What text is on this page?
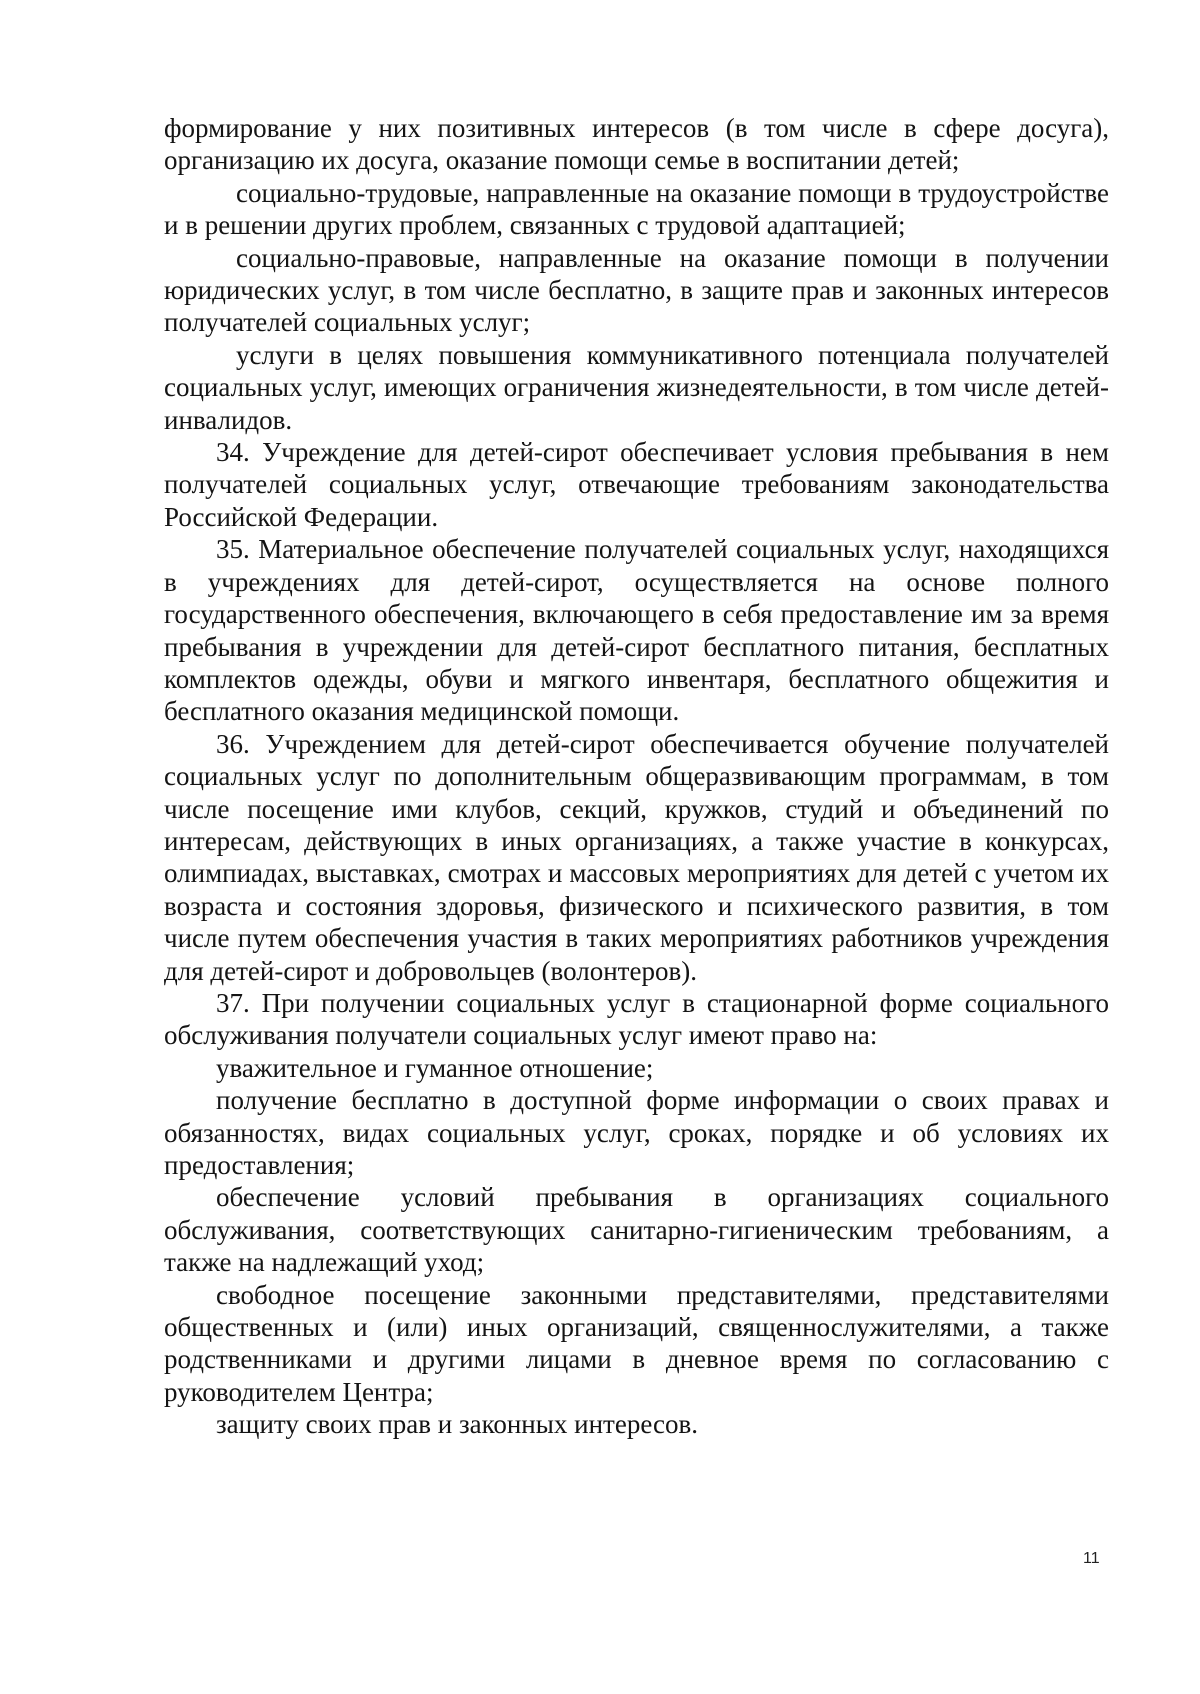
формирование у них позитивных интересов (в том числе в сфере досуга), организацию их досуга, оказание помощи семье в воспитании детей;

социально-трудовые, направленные на оказание помощи в трудоустройстве и в решении других проблем, связанных с трудовой адаптацией;

социально-правовые, направленные на оказание помощи в получении юридических услуг, в том числе бесплатно, в защите прав и законных интересов получателей социальных услуг;

услуги в целях повышения коммуникативного потенциала получателей социальных услуг, имеющих ограничения жизнедеятельности, в том числе детей-инвалидов.

34. Учреждение для детей-сирот обеспечивает условия пребывания в нем получателей социальных услуг, отвечающие требованиям законодательства Российской Федерации.

35. Материальное обеспечение получателей социальных услуг, находящихся в учреждениях для детей-сирот, осуществляется на основе полного государственного обеспечения, включающего в себя предоставление им за время пребывания в учреждении для детей-сирот бесплатного питания, бесплатных комплектов одежды, обуви и мягкого инвентаря, бесплатного общежития и бесплатного оказания медицинской помощи.

36. Учреждением для детей-сирот обеспечивается обучение получателей социальных услуг по дополнительным общеразвивающим программам, в том числе посещение ими клубов, секций, кружков, студий и объединений по интересам, действующих в иных организациях, а также участие в конкурсах, олимпиадах, выставках, смотрах и массовых мероприятиях для детей с учетом их возраста и состояния здоровья, физического и психического развития, в том числе путем обеспечения участия в таких мероприятиях работников учреждения для детей-сирот и добровольцев (волонтеров).

37. При получении социальных услуг в стационарной форме социального обслуживания получатели социальных услуг имеют право на:

уважительное и гуманное отношение;

получение бесплатно в доступной форме информации о своих правах и обязанностях, видах социальных услуг, сроках, порядке и об условиях их предоставления;

обеспечение условий пребывания в организациях социального обслуживания, соответствующих санитарно-гигиеническим требованиям, а также на надлежащий уход;

свободное посещение законными представителями, представителями общественных и (или) иных организаций, священнослужителями, а также родственниками и другими лицами в дневное время по согласованию с руководителем Центра;

защиту своих прав и законных интересов.

11
